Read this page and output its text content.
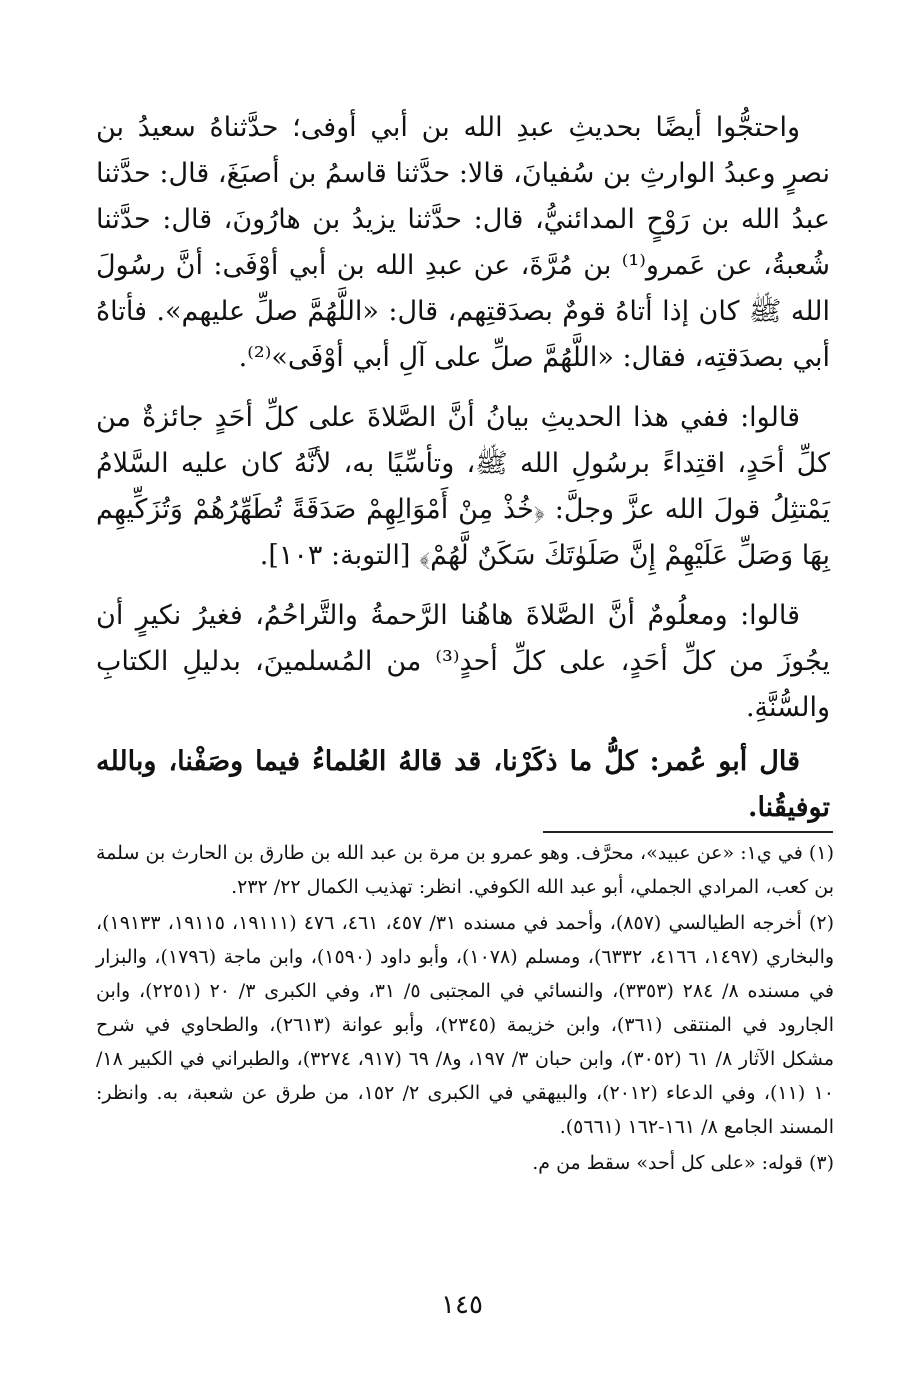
واحتجُّوا أيضًا بحديثِ عبدِ الله بن أبي أوفى؛ حدَّثناهُ سعيدُ بن نصرٍ وعبدُ الوارثِ بن سُفيانَ، قالا: حدَّثنا قاسمُ بن أصبَغَ، قال: حدَّثنا عبدُ الله بن رَوْحٍ المدائنيُّ، قال: حدَّثنا يزيدُ بن هارُونَ، قال: حدَّثنا شُعبةُ، عن عَمرو⁽¹⁾ بن مُرَّةَ، عن عبدِ الله بن أبي أوْفَى: أنَّ رسُولَ الله ﷺ كان إذا أتاهُ قومٌ بصدَقتِهم، قال: «اللَّهُمَّ صلِّ عليهم». فأتاهُ أبي بصدَقتِه، فقال: «اللَّهُمَّ صلِّ على آلِ أبي أوْفَى»⁽²⁾.

قالوا: ففي هذا الحديثِ بيانُ أنَّ الصَّلاةَ على كلِّ أحَدٍ جائزةٌ من كلِّ أحَدٍ، اقتِداءً برسُولِ الله ﷺ، وتأسِّيًا به، لأنَّهُ كان عليه السَّلامُ يَمْتثِلُ قولَ الله عزَّ وجلَّ: ﴿خُذْ مِنْ أَمْوَالِهِمْ صَدَقَةً تُطَهِّرُهُمْ وَتُزَكِّيهِم بِهَا وَصَلِّ عَلَيْهِمْ إِنَّ صَلَوٰتَكَ سَكَنٌ لَّهُمْ﴾ [التوبة: ١٠٣].

قالوا: ومعلُومٌ أنَّ الصَّلاةَ هاهُنا الرَّحمةُ والتَّراحُمُ، فغيرُ نكيرٍ أن يجُوزَ من كلِّ أحَدٍ، على كلِّ أحدٍ⁽³⁾ من المُسلمينَ، بدليلِ الكتابِ والسُّنَّةِ.

قال أبو عُمر: كلُّ ما ذكَرْنا، قد قالهُ العُلماءُ فيما وصَفْنا، وبالله توفيقُنا.

(١) في ي١: «عن عبيد»، محرَّف. وهو عمرو بن مرة بن عبد الله بن طارق بن الحارث بن سلمة بن كعب، المرادي الجملي، أبو عبد الله الكوفي. انظر: تهذيب الكمال ٢٢/ ٢٣٢.

(٢) أخرجه الطيالسي (٨٥٧)، وأحمد في مسنده ٣١/ ٤٥٧، ٤٦١، ٤٧٦ (١٩١١١، ١٩١١٥، ١٩١٣٣)، والبخاري (١٤٩٧، ٤١٦٦، ٦٣٣٢)، ومسلم (١٠٧٨)، وأبو داود (١٥٩٠)، وابن ماجة (١٧٩٦)، والبزار في مسنده ٨/ ٢٨٤ (٣٣٥٣)، والنسائي في المجتبى ٥/ ٣١، وفي الكبرى ٣/ ٢٠ (٢٢٥١)، وابن الجارود في المنتقى (٣٦١)، وابن خزيمة (٢٣٤٥)، وأبو عوانة (٢٦١٣)، والطحاوي في شرح مشكل الآثار ٨/ ٦١ (٣٠٥٢)، وابن حبان ٣/ ١٩٧، و٨/ ٦٩ (٩١٧، ٣٢٧٤)، والطبراني في الكبير ١٨/ ١٠ (١١)، وفي الدعاء (٢٠١٢)، والبيهقي في الكبرى ٢/ ١٥٢، من طرق عن شعبة، به. وانظر: المسند الجامع ٨/ ١٦١-١٦٢ (٥٦٦١).

(٣) قوله: «على كل أحد» سقط من م.

١٤٥
